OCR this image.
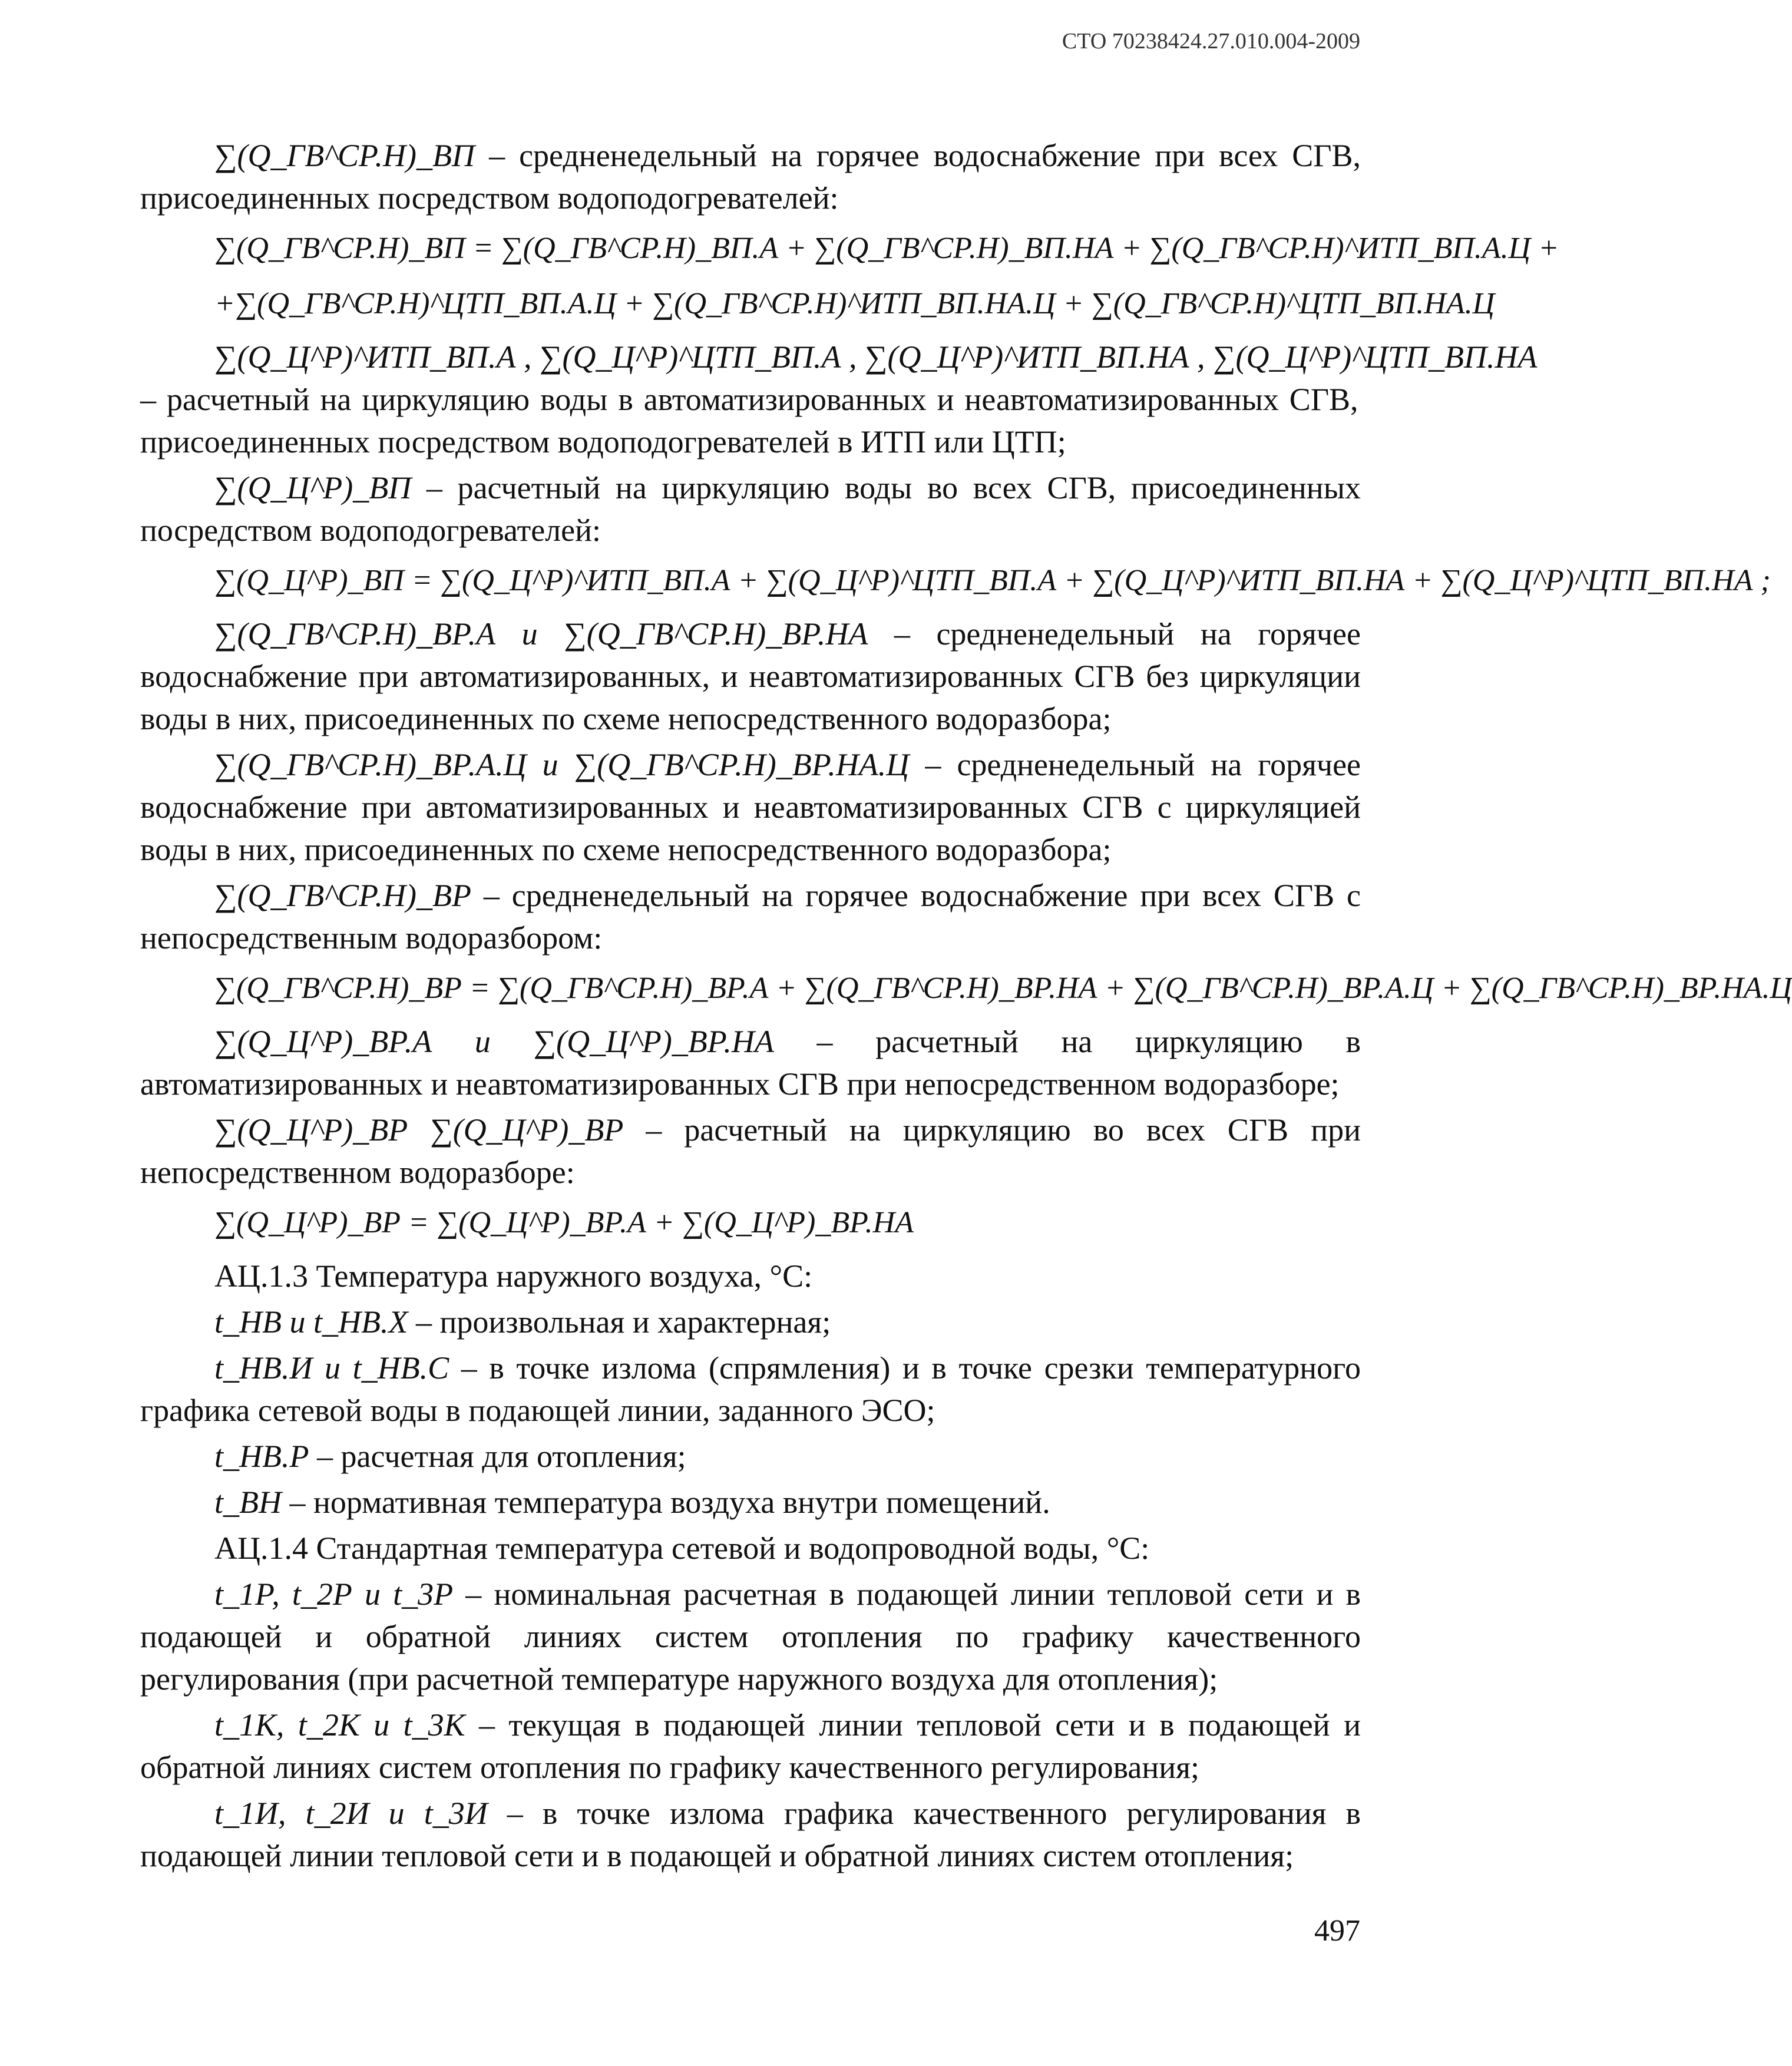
СТО 70238424.27.010.004-2009

∑(Q_ГВ^СР.Н)_ВП – средненедельный на горячее водоснабжение при всех СГВ, присоединенных посредством водоподогревателей:

∑(Q_ГВ^СР.Н)_ВП = ∑(Q_ГВ^СР.Н)_ВП.А + ∑(Q_ГВ^СР.Н)_ВП.НА + ∑(Q_ГВ^СР.Н)^ИТП_ВП.А.Ц +
+∑(Q_ГВ^СР.Н)^ЦТП_ВП.А.Ц + ∑(Q_ГВ^СР.Н)^ИТП_ВП.НА.Ц + ∑(Q_ГВ^СР.Н)^ЦТП_ВП.НА.Ц

∑(Q_Ц^Р)^ИТП_ВП.А , ∑(Q_Ц^Р)^ЦТП_ВП.А , ∑(Q_Ц^Р)^ИТП_ВП.НА , ∑(Q_Ц^Р)^ЦТП_ВП.НА – расчетный на циркуляцию воды в автоматизированных и неавтоматизированных СГВ, присоединенных посредством водоподогревателей в ИТП или ЦТП;

∑(Q_Ц^Р)_ВП – расчетный на циркуляцию воды во всех СГВ, присоединенных посредством водоподогревателей:

∑(Q_Ц^Р)_ВП = ∑(Q_Ц^Р)^ИТП_ВП.А + ∑(Q_Ц^Р)^ЦТП_ВП.А + ∑(Q_Ц^Р)^ИТП_ВП.НА + ∑(Q_Ц^Р)^ЦТП_ВП.НА ;

∑(Q_ГВ^СР.Н)_ВР.А и ∑(Q_ГВ^СР.Н)_ВР.НА – средненедельный на горячее водоснабжение при автоматизированных, и неавтоматизированных СГВ без циркуляции воды в них, присоединенных по схеме непосредственного водоразбора;

∑(Q_ГВ^СР.Н)_ВР.А.Ц и ∑(Q_ГВ^СР.Н)_ВР.НА.Ц – средненедельный на горячее водоснабжение при автоматизированных и неавтоматизированных СГВ с циркуляцией воды в них, присоединенных по схеме непосредственного водоразбора;

∑(Q_ГВ^СР.Н)_ВР – средненедельный на горячее водоснабжение при всех СГВ с непосредственным водоразбором:

∑(Q_ГВ^СР.Н)_ВР = ∑(Q_ГВ^СР.Н)_ВР.А + ∑(Q_ГВ^СР.Н)_ВР.НА + ∑(Q_ГВ^СР.Н)_ВР.А.Ц + ∑(Q_ГВ^СР.Н)_ВР.НА.Ц

∑(Q_Ц^Р)_ВР.А и ∑(Q_Ц^Р)_ВР.НА – расчетный на циркуляцию в автоматизированных и неавтоматизированных СГВ при непосредственном водоразборе;

∑(Q_Ц^Р)_ВР ∑(Q_Ц^Р)_ВР – расчетный на циркуляцию во всех СГВ при непосредственном водоразборе:

∑(Q_Ц^Р)_ВР = ∑(Q_Ц^Р)_ВР.А + ∑(Q_Ц^Р)_ВР.НА

АЦ.1.3 Температура наружного воздуха, °С:

t_НВ и t_НВ.Х – произвольная и характерная;

t_НВ.И и t_НВ.С – в точке излома (спрямления) и в точке срезки температурного графика сетевой воды в подающей линии, заданного ЭСО;

t_НВ.Р – расчетная для отопления;

t_ВН – нормативная температура воздуха внутри помещений.

АЦ.1.4 Стандартная температура сетевой и водопроводной воды, °С:

t_1Р, t_2Р и t_3Р – номинальная расчетная в подающей линии тепловой сети и в подающей и обратной линиях систем отопления по графику качественного регулирования (при расчетной температуре наружного воздуха для отопления);

t_1К, t_2К и t_3К – текущая в подающей линии тепловой сети и в подающей и обратной линиях систем отопления по графику качественного регулирования;

t_1И, t_2И и t_3И – в точке излома графика качественного регулирования в подающей линии тепловой сети и в подающей и обратной линиях систем отопления;

497
